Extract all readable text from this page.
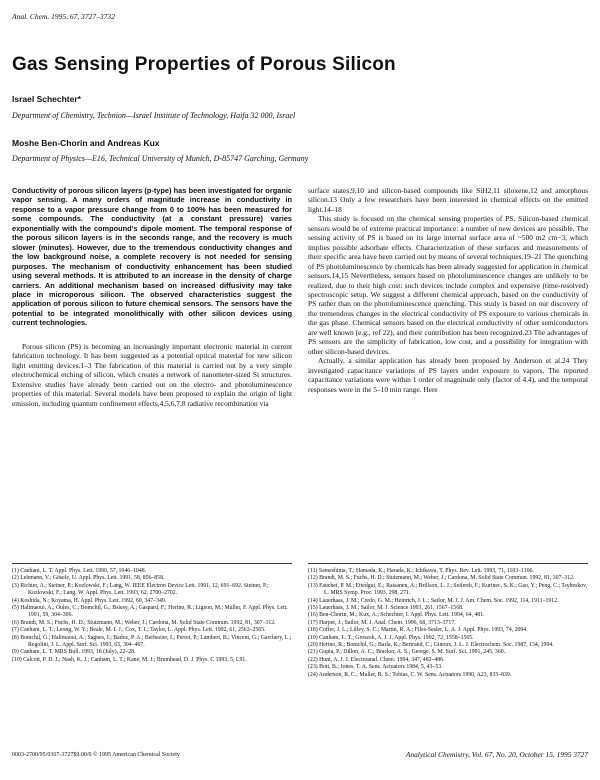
Anal. Chem. 1995, 67, 3727–3732
Gas Sensing Properties of Porous Silicon
Israel Schechter*
Department of Chemistry, Technion—Israel Institute of Technology, Haifa 32 000, Israel
Moshe Ben-Chorin and Andreas Kux
Department of Physics—E16, Technical University of Munich, D-85747 Garching, Germany
Conductivity of porous silicon layers (p-type) has been investigated for organic vapor sensing. A many orders of magnitude increase in conductivity in response to a vapor pressure change from 0 to 100% has been measured for some compounds. The conductivity (at a constant pressure) varies exponentially with the compound's dipole moment. The temporal response of the porous silicon layers is in the seconds range, and the recovery is much slower (minutes). However, due to the tremendous conductivity changes and the low background noise, a complete recovery is not needed for sensing purposes. The mechanism of conductivity enhancement has been studied using several methods. It is attributed to an increase in the density of charge carriers. An additional mechanism based on increased diffusivity may take place in microporous silicon. The observed characteristics suggest the application of porous silicon to future chemical sensors. The sensors have the potential to be integrated monolithically with other silicon devices using current technologies.

Porous silicon (PS) is becoming an increasingly important electronic material in current fabrication technology. It has been suggested as a potential optical material for new silicon light emitting devices.1–3 The fabrication of this material is carried out by a very simple electrochemical etching of silicon, which creates a network of nanometer-sized Si structures. Extensive studies have already been carried out on the electro- and photoluminescence properties of this material. Several models have been proposed to explain the origin of light emission, including quantum confinement effects,4,5,6,7,8 radiative recombination via

surface states,9,10 and silicon-based compounds like SiH2,11 siloxene,12 and amorphous silicon.13 Only a few researchers have been interested in chemical effects on the emitted light.14–18

This study is focused on the chemical sensing properties of PS. Silicon-based chemical sensors would be of extreme practical importance: a number of new devices are possible. The sensing activity of PS is based on its large internal surface area of ~500 m2 cm−3, which implies possible adsorbate effects. Characterization of these surfaces and measurements of their specific area have been carried out by means of several techniques.19–21 The quenching of PS photoluminescence by chemicals has been already suggested for application in chemical sensors.14,15 Nevertheless, sensors based on photoluminescence changes are unlikely to be realized, due to their high cost: such devices include complex and expensive (time-resolved) spectroscopic setup. We suggest a different chemical approach, based on the conductivity of PS rather than on the photoluminescence quenching. This study is based on our discovery of the tremendous changes in the electrical conductivity of PS exposure to various chemicals in the gas phase. Chemical sensors based on the electrical conductivity of other semiconductors are well known (e.g., ref 22), and their contribution has been recognized.23 The advantages of PS sensors are the simplicity of fabrication, low cost, and a possibility for integration with other silicon-based devices.

Actually, a similar application has already been proposed by Anderson et al.24 They investigated capacitance variations of PS layers under exposure to vapors. The reported capacitance variations were within 1 order of magnitude only (factor of 4.4), and the temporal responses were in the 5–10 min range. Here

(1) Canham, L. T. Appl. Phys. Lett. 1990, 57, 1046–1048.
(2) Lehmann, V.; Gösele, U. Appl. Phys. Lett. 1991, 58, 856–858.
(3) Richter, A.; Steiner, P.; Kozlowski, F.; Lang, W. IEEE Electron Device Lett. 1991, 12, 691–692. Steiner, P.; Kozlowski, F.; Lang, W. Appl. Phys. Lett. 1993, 62, 2700–2702.
(4) Koshida, N.; Koyama, H. Appl. Phys. Lett. 1992, 60, 347–349.
(5) Halimaoui, A.; Oules, C.; Bomchil, G.; Bsiesy, A.; Gaspard, F.; Herino, R.; Ligeon, M.; Muller, F. Appl. Phys. Lett. 1991, 59, 304–306.
(6) Brandt, M. S.; Fuchs, H. D.; Stutzmann, M.; Weber, J.; Cardona, M. Solid State Commun. 1992, 81, 307–312.
(7) Canham, L. T.; Leong, W. Y.; Beale, M. I. J.; Cox, T. I.; Taylor, L. Appl. Phys. Lett. 1992, 61, 2563–2565.
(8) Bomchil, G.; Halimaoui, A.; Sagnes, I.; Badoz, P. A.; Berbezier, I.; Perret, P.; Lambert, B.; Vincent, G.; Garchery, L.; Regolini, J. L. Appl. Surf. Sci. 1993, 65, 394–407.
(9) Canham, L. T. MRS Bull. 1993, 18 (July), 22–28.
(10) Calcott, P. D. J.; Nash, K. J.; Canham, L. T.; Kane, M. J.; Brumhead, D. J. Phys. C 1993, 5, L91.
(11) Sameshima, T.; Hamada, K.; Harada, K.; Ichikawa, T. Phys. Rev. Lett. 1993, 71, 1103–1106.
(12) Brandt, M. S.; Fuchs, H. D.; Stutzmann, M.; Weber, J.; Cardona, M. Solid State Commun. 1992, 81, 307–312.
(13) Fauchet, P. M.; Ettedgui, E.; Raisanen, A.; Brillson, L. J.; Seiferth, F.; Kurinec, S. K.; Gao, Y.; Peng, C.; Tsybeskov, L. MRS Symp. Proc. 1993, 298, 271.
(14) Lauerhaas, J. M.; Credo, G. M.; Heinrich, J. L.; Sailor, M. J. J. Am. Chem. Soc. 1992, 114, 1911–1912.
(15) Lauerhaas, J. M.; Sailor, M. J. Science 1993, 261, 1567–1568.
(16) Ben-Chorin, M.; Kux, A.; Schechter, I. Appl. Phys. Lett. 1994, 64, 481.
(17) Harper, J.; Sailor, M. J. Anal. Chem. 1996, 68, 3713–3717.
(18) Coffer, J. L.; Lilley, S. C.; Martin, R. A.; Files-Sesler, L. A. J. Appl. Phys. 1993, 74, 2094.
(19) Canham, L. T.; Groszek, A. J. J. Appl. Phys. 1992, 72, 1558–1565.
(20) Herino, R.; Bomchil, G.; Barla, K.; Bertrand, C.; Ginoux, J. L. J. Electrochem. Soc. 1987, 134, 1994.
(21) Gupta, P.; Dillon, A. C.; Bracker, A. S.; George, S. M. Surf. Sci. 1991, 245, 360.
(22) Hunt, A. J. J. Electroanal. Chem. 1994, 347, 482–486.
(23) Bott, B.; Jones, T. A. Sens. Actuators 1984, 5, 43–53.
(24) Anderson, R. C.; Muller, R. S.; Tobias, C. W. Sens. Actuators 1990, A23, 835–839.
0003-2700/95/0367-3727$9.00/0 © 1995 American Chemical Society	Analytical Chemistry, Vol. 67, No. 20, October 15, 1995 3727
